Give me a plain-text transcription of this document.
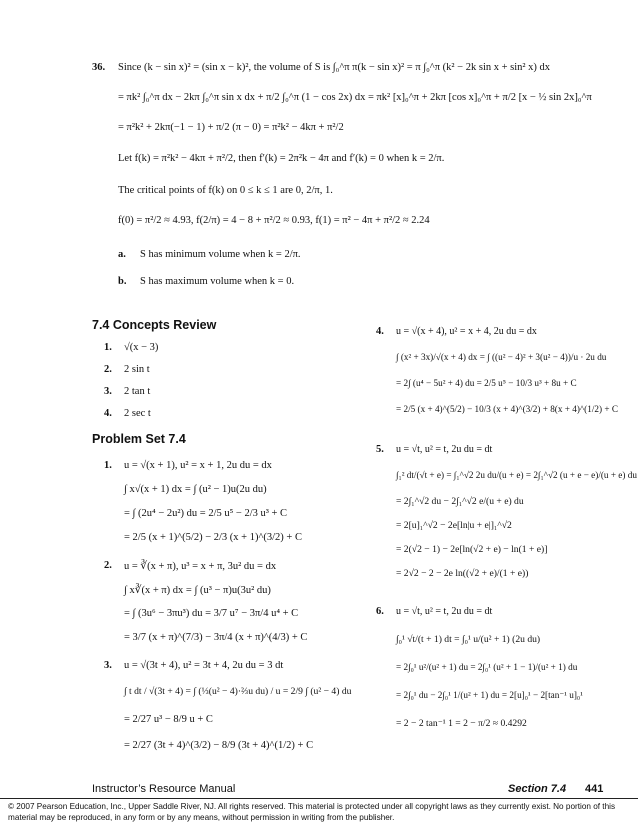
36. Since (k − sin x)² = (sin x − k)², the volume of S is ∫₀^π π(k − sin x)² = π ∫₀^π (k² − 2k sin x + sin² x) dx
= πk² ∫₀^π dx − 2kπ ∫₀^π sin x dx + π/2 ∫₀^π (1 − cos 2x) dx = πk² [x]₀^π + 2kπ [cos x]₀^π + π/2 [x − ½ sin 2x]₀^π
= π²k² + 2kπ(−1 − 1) + π/2 (π − 0) = π²k² − 4kπ + π²/2
Let f(k) = π²k² − 4kπ + π²/2, then f′(k) = 2π²k − 4π and f′(k) = 0 when k = 2/π.
The critical points of f(k) on 0 ≤ k ≤ 1 are 0, 2/π, 1.
f(0) = π²/2 ≈ 4.93, f(2/π) = 4 − 8 + π²/2 ≈ 0.93, f(1) = π² − 4π + π²/2 ≈ 2.24
a. S has minimum volume when k = 2/π.
b. S has maximum volume when k = 0.
7.4 Concepts Review
1. √(x − 3)
2. 2 sin t
3. 2 tan t
4. 2 sec t
Problem Set 7.4
1. u = √(x + 1), u² = x + 1, 2u du = dx
∫ x√(x + 1) dx = ∫ (u² − 1)u(2u du)
= ∫ (2u⁴ − 2u²) du = 2/5 u⁵ − 2/3 u³ + C
= 2/5 (x + 1)^(5/2) − 2/3 (x + 1)^(3/2) + C
2. u = ∛(x + π), u³ = x + π, 3u² du = dx
∫ x∛(x + π) dx = ∫ (u³ − π)u(3u² du)
= ∫ (3u⁶ − 3πu³) du = 3/7 u⁷ − 3π/4 u⁴ + C
= 3/7 (x + π)^(7/3) − 3π/4 (x + π)^(4/3) + C
3. u = √(3t + 4), u² = 3t + 4, 2u du = 3 dt
∫ t dt / √(3t + 4) = ∫ (⅓(u² − 4)·⅔u du) / u = 2/9 ∫ (u² − 4) du
= 2/27 u³ − 8/9 u + C
= 2/27 (3t + 4)^(3/2) − 8/9 (3t + 4)^(1/2) + C
4. u = √(x + 4), u² = x + 4, 2u du = dx
∫ (x² + 3x)/√(x + 4) dx = ∫ ((u² − 4)² + 3(u² − 4))/u · 2u du
= 2∫ (u⁴ − 5u² + 4) du = 2/5 u⁵ − 10/3 u³ + 8u + C
= 2/5 (x + 4)^(5/2) − 10/3 (x + 4)^(3/2) + 8(x + 4)^(1/2) + C
5. u = √t, u² = t, 2u du = dt
∫₁² dt/(√t + e) = ∫₁^√2 2u du/(u + e) = 2∫₁^√2 (u + e − e)/(u + e) du
= 2∫₁^√2 du − 2∫₁^√2 e/(u + e) du
= 2[u]₁^√2 − 2e[ln|u + e|]₁^√2
= 2(√2 − 1) − 2e[ln(√2 + e) − ln(1 + e)]
= 2√2 − 2 − 2e ln((√2 + e)/(1 + e))
6. u = √t, u² = t, 2u du = dt
∫₀¹ √t/(t + 1) dt = ∫₀¹ u/(u² + 1) (2u du)
= 2∫₀¹ u²/(u² + 1) du = 2∫₀¹ (u² + 1 − 1)/(u² + 1) du
= 2∫₀¹ du − 2∫₀¹ 1/(u² + 1) du = 2[u]₀¹ − 2[tan⁻¹ u]₀¹
= 2 − 2 tan⁻¹ 1 = 2 − π/2 ≈ 0.4292
Instructor’s Resource Manual	Section 7.4 441
© 2007 Pearson Education, Inc., Upper Saddle River, NJ. All rights reserved. This material is protected under all copyright laws as they currently exist. No portion of this material may be reproduced, in any form or by any means, without permission in writing from the publisher.
